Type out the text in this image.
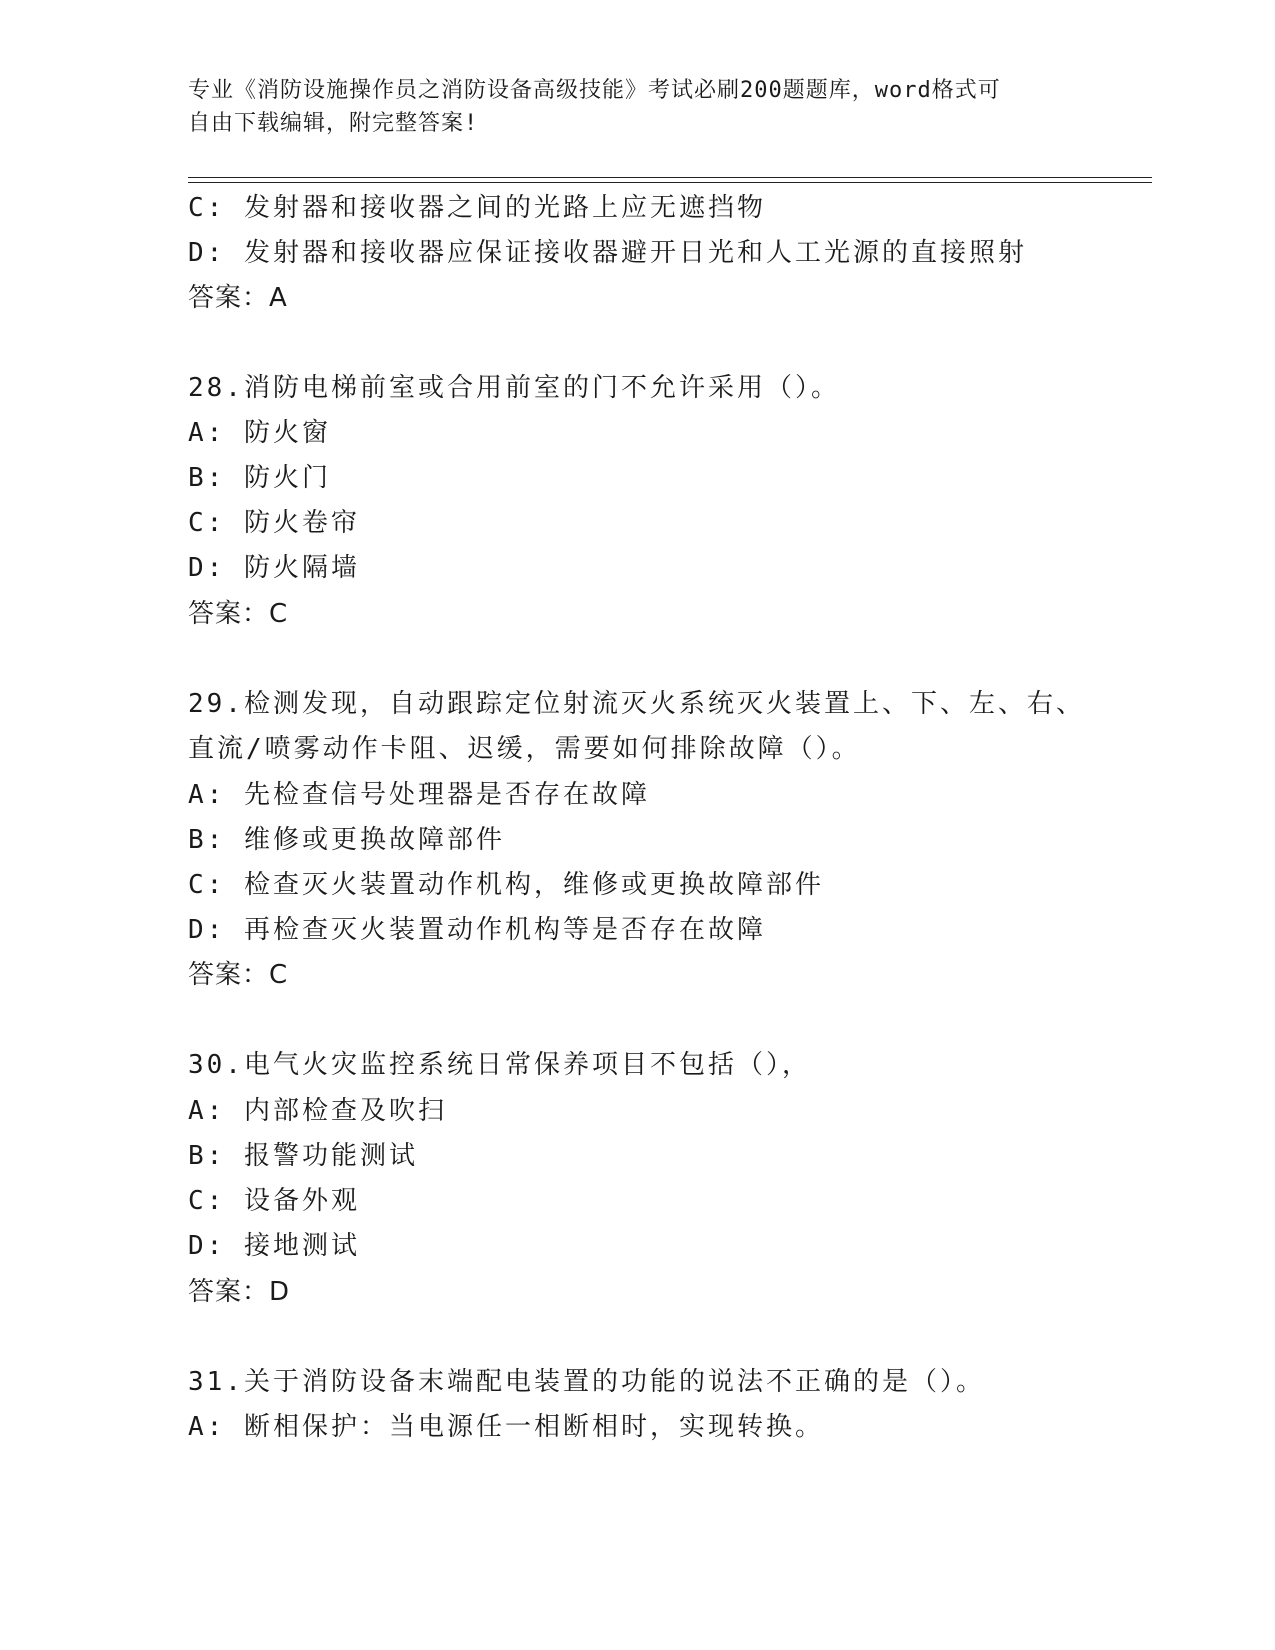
专业《消防设施操作员之消防设备高级技能》考试必刷200题题库，word格式可
自由下载编辑，附完整答案!
C: 发射器和接收器之间的光路上应无遮挡物
D: 发射器和接收器应保证接收器避开日光和人工光源的直接照射
答案：A
28.消防电梯前室或合用前室的门不允许采用（）。
A: 防火窗
B: 防火门
C: 防火卷帘
D: 防火隔墙
答案：C
29.检测发现，自动跟踪定位射流灭火系统灭火装置上、下、左、右、
直流/喷雾动作卡阻、迟缓，需要如何排除故障（）。
A: 先检查信号处理器是否存在故障
B: 维修或更换故障部件
C: 检查灭火装置动作机构，维修或更换故障部件
D: 再检查灭火装置动作机构等是否存在故障
答案：C
30.电气火灾监控系统日常保养项目不包括（），
A: 内部检查及吹扫
B: 报警功能测试
C: 设备外观
D: 接地测试
答案：D
31.关于消防设备末端配电装置的功能的说法不正确的是（）。
A: 断相保护：当电源任一相断相时，实现转换。
